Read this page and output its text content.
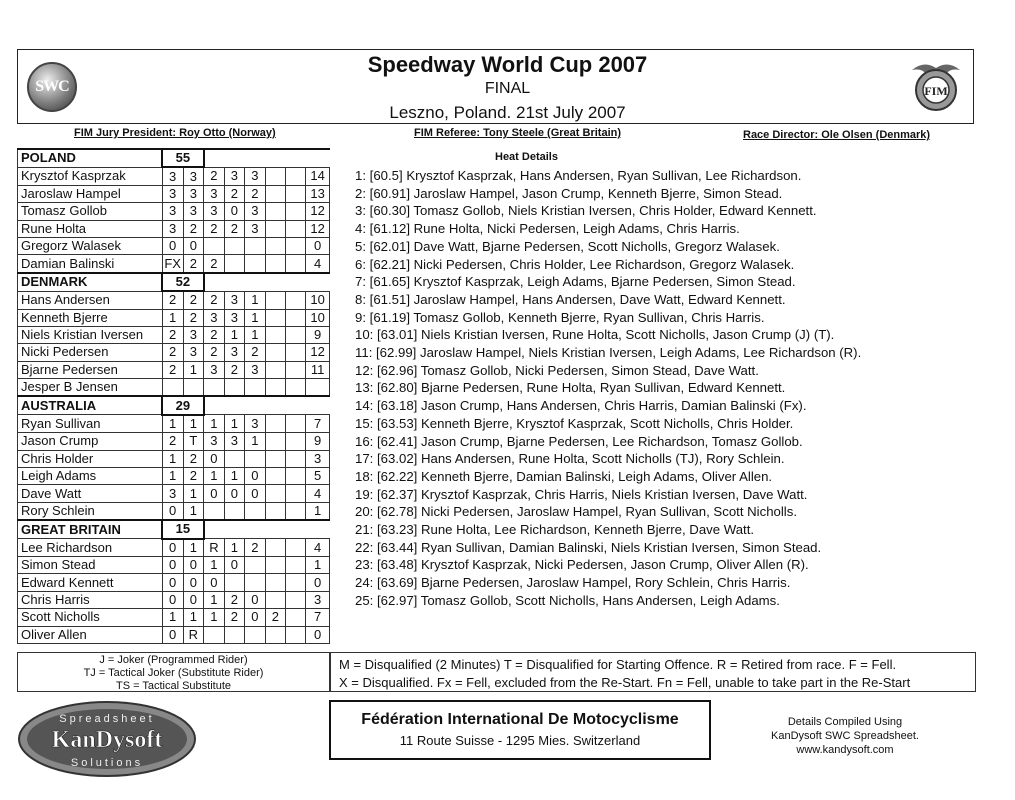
SWC	FIM
Speedway World Cup 2007
FINAL
Leszno, Poland. 21st July 2007
FIM Jury President: Roy Otto (Norway)	FIM Referee: Tony Steele (Great Britain)	Race Director: Ole Olsen (Denmark)
POLAND	55							
Krysztof Kasprzak	3	3	2	3	3			14
Jaroslaw Hampel	3	3	3	2	2			13
Tomasz Gollob	3	3	3	0	3			12
Rune Holta	3	2	2	2	3			12
Gregorz Walasek	0	0						0
Damian Balinski	FX	2	2					4
DENMARK	52							
Hans Andersen	2	2	2	3	1			10
Kenneth Bjerre	1	2	3	3	1			10
Niels Kristian Iversen	2	3	2	1	1			9
Nicki Pedersen	2	3	2	3	2			12
Bjarne Pedersen	2	1	3	2	3			11
Jesper B Jensen								
AUSTRALIA	29							
Ryan Sullivan	1	1	1	1	3			7
Jason Crump	2	T	3	3	1			9
Chris Holder	1	2	0					3
Leigh Adams	1	2	1	1	0			5
Dave Watt	3	1	0	0	0			4
Rory Schlein	0	1						1
GREAT BRITAIN	15							
Lee Richardson	0	1	R	1	2			4
Simon Stead	0	0	1	0				1
Edward Kennett	0	0	0					0
Chris Harris	0	0	1	2	0			3
Scott Nicholls	1	1	1	2	0	2		7
Oliver Allen	0	R						0
Heat Details
1: [60.5] Krysztof Kasprzak, Hans Andersen, Ryan Sullivan, Lee Richardson.
2: [60.91] Jaroslaw Hampel, Jason Crump, Kenneth Bjerre, Simon Stead.
3: [60.30] Tomasz Gollob, Niels Kristian Iversen, Chris Holder, Edward Kennett.
4: [61.12] Rune Holta, Nicki Pedersen, Leigh Adams, Chris Harris.
5: [62.01] Dave Watt, Bjarne Pedersen, Scott Nicholls, Gregorz Walasek.
6: [62.21] Nicki Pedersen, Chris Holder, Lee Richardson, Gregorz Walasek.
7: [61.65] Krysztof Kasprzak, Leigh Adams, Bjarne Pedersen, Simon Stead.
8: [61.51] Jaroslaw Hampel, Hans Andersen, Dave Watt, Edward Kennett.
9: [61.19] Tomasz Gollob, Kenneth Bjerre, Ryan Sullivan, Chris Harris.
10: [63.01] Niels Kristian Iversen, Rune Holta, Scott Nicholls, Jason Crump (J) (T).
11: [62.99] Jaroslaw Hampel, Niels Kristian Iversen, Leigh Adams, Lee Richardson (R).
12: [62.96] Tomasz Gollob, Nicki Pedersen, Simon Stead, Dave Watt.
13: [62.80] Bjarne Pedersen, Rune Holta, Ryan Sullivan, Edward Kennett.
14: [63.18] Jason Crump, Hans Andersen, Chris Harris, Damian Balinski (Fx).
15: [63.53] Kenneth Bjerre, Krysztof Kasprzak, Scott Nicholls, Chris Holder.
16: [62.41] Jason Crump, Bjarne Pedersen, Lee Richardson, Tomasz Gollob.
17: [63.02] Hans Andersen, Rune Holta, Scott Nicholls (TJ), Rory Schlein.
18: [62.22] Kenneth Bjerre, Damian Balinski, Leigh Adams, Oliver Allen.
19: [62.37] Krysztof Kasprzak, Chris Harris, Niels Kristian Iversen, Dave Watt.
20: [62.78] Nicki Pedersen, Jaroslaw Hampel, Ryan Sullivan, Scott Nicholls.
21: [63.23] Rune Holta, Lee Richardson, Kenneth Bjerre, Dave Watt.
22: [63.44] Ryan Sullivan, Damian Balinski, Niels Kristian Iversen, Simon Stead.
23: [63.48] Krysztof Kasprzak, Nicki Pedersen, Jason Crump, Oliver Allen (R).
24: [63.69] Bjarne Pedersen, Jaroslaw Hampel, Rory Schlein, Chris Harris.
25: [62.97] Tomasz Gollob, Scott Nicholls, Hans Andersen, Leigh Adams.
J = Joker (Programmed Rider)
TJ = Tactical Joker (Substitute Rider)
TS = Tactical Substitute
M = Disqualified (2 Minutes) T = Disqualified for Starting Offence. R = Retired from race. F = Fell.
X = Disqualified. Fx = Fell, excluded from the Re-Start. Fn = Fell, unable to take part in the Re-Start
Spreadsheet
KanDysoft
Solutions
Fédération International De Motocyclisme
11 Route Suisse - 1295 Mies. Switzerland
Details Compiled Using
KanDysoft SWC Spreadsheet.
www.kandysoft.com
